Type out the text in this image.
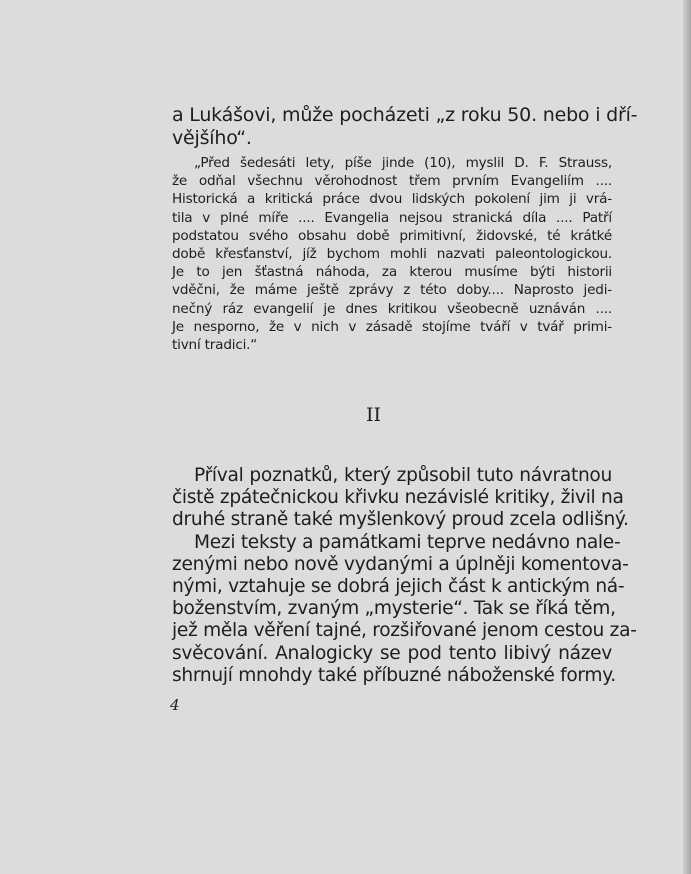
a Lukášovi, může pocházeti „z roku 50. nebo i dří-
vějšího“.
„Před šedesáti lety, píše jinde (10), myslil D. F. Strauss,
že odňal všechnu věrohodnost třem prvním Evangeliím ....
Historická a kritická práce dvou lidských pokolení jim ji vrá-
tila v plné míře .... Evangelia nejsou stranická díla .... Patří
podstatou svého obsahu době primitivní, židovské, té krátké
době křesťanství, jíž bychom mohli nazvati paleontologickou.
Je to jen šťastná náhoda, za kterou musíme býti historii
vděčni, že máme ještě zprávy z této doby.... Naprosto jedi-
nečný ráz evangelií je dnes kritikou všeobecně uznáván ....
Je nesporno, že v nich v zásadě stojíme tváří v tvář primi-
tivní tradici.“
II
Příval poznatků, který způsobil tuto návratnou
čistě zpátečnickou křivku nezávislé kritiky, živil na
druhé straně také myšlenkový proud zcela odlišný.
Mezi teksty a památkami teprve nedávno nale-
zenými nebo nově vydanými a úplněji komentova-
nými, vztahuje se dobrá jejich část k antickým ná-
boženstvím, zvaným „mysterie“. Tak se říká těm,
jež měla věření tajné, rozšiřované jenom cestou za-
svěcování. Analogicky se pod tento libivý název
shrnují mnohdy také příbuzné náboženské formy.
4
